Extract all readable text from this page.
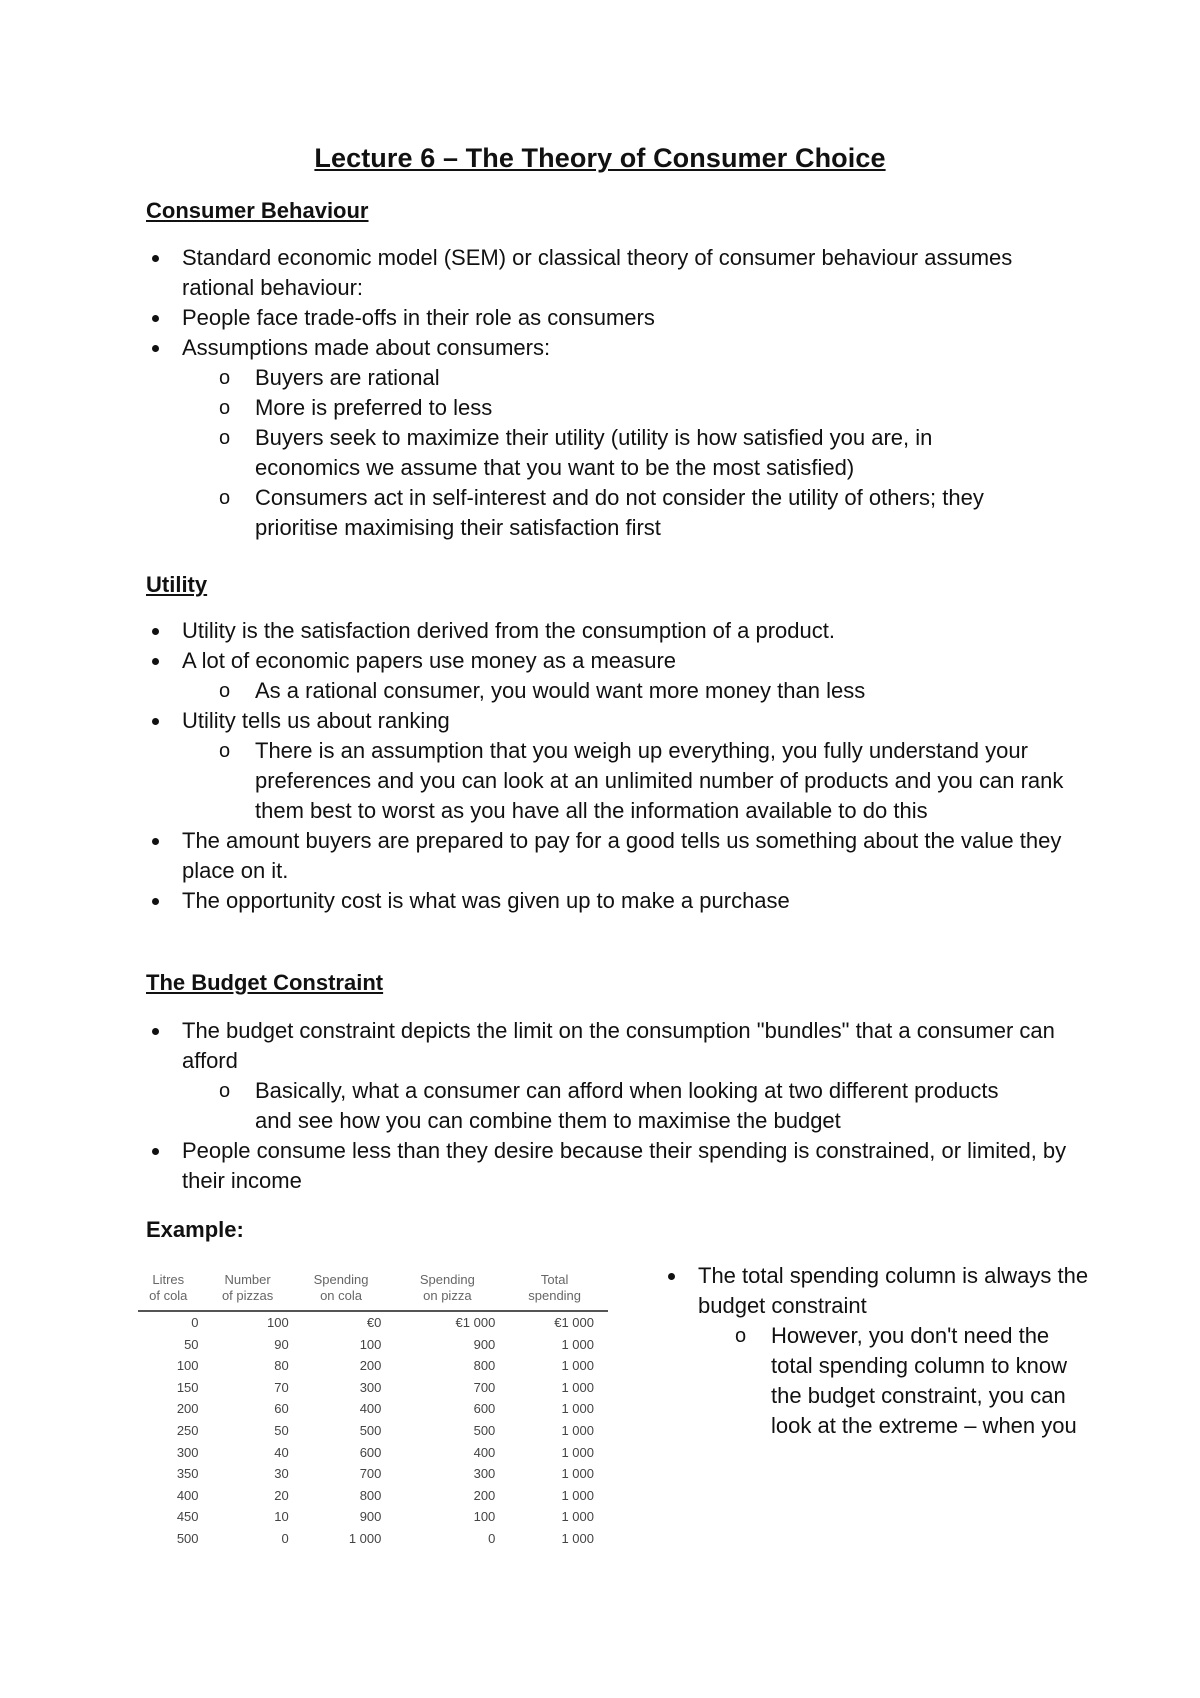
Lecture 6 – The Theory of Consumer Choice

Consumer Behaviour

Standard economic model (SEM) or classical theory of consumer behaviour assumes rational behaviour:
People face trade-offs in their role as consumers
Assumptions made about consumers:
o Buyers are rational
o More is preferred to less
o Buyers seek to maximize their utility (utility is how satisfied you are, in economics we assume that you want to be the most satisfied)
o Consumers act in self-interest and do not consider the utility of others; they prioritise maximising their satisfaction first

Utility

Utility is the satisfaction derived from the consumption of a product.
A lot of economic papers use money as a measure
o As a rational consumer, you would want more money than less
Utility tells us about ranking
o There is an assumption that you weigh up everything, you fully understand your preferences and you can look at an unlimited number of products and you can rank them best to worst as you have all the information available to do this
The amount buyers are prepared to pay for a good tells us something about the value they place on it.
The opportunity cost is what was given up to make a purchase

The Budget Constraint

The budget constraint depicts the limit on the consumption "bundles" that a consumer can afford
o Basically, what a consumer can afford when looking at two different products and see how you can combine them to maximise the budget
People consume less than they desire because their spending is constrained, or limited, by their income

Example:

Litres
of cola	Number
of pizzas	Spending
on cola	Spending
on pizza	Total
spending
0	100	€0	€1 000	€1 000
50	90	100	900	1 000
100	80	200	800	1 000
150	70	300	700	1 000
200	60	400	600	1 000
250	50	500	500	1 000
300	40	600	400	1 000
350	30	700	300	1 000
400	20	800	200	1 000
450	10	900	100	1 000
500	0	1 000	0	1 000
The total spending column is always the budget constraint
o However, you don't need the total spending column to know the budget constraint, you can look at the extreme – when you
